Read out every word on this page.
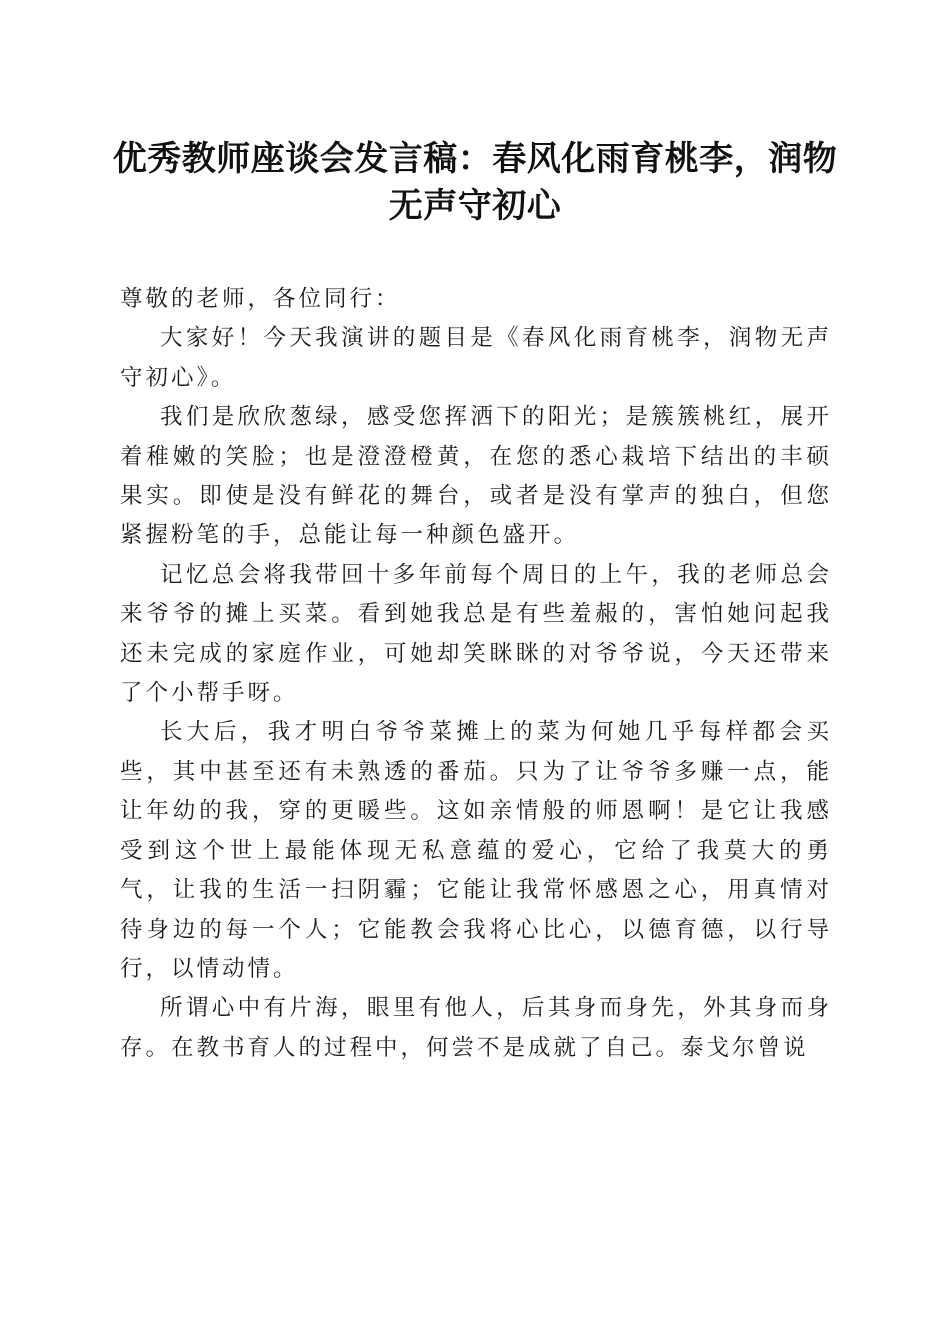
优秀教师座谈会发言稿：春风化雨育桃李，润物无声守初心

尊敬的老师，各位同行：

大家好！今天我演讲的题目是《春风化雨育桃李，润物无声守初心》。

我们是欣欣葱绿，感受您挥洒下的阳光；是簇簇桃红，展开着稚嫩的笑脸；也是澄澄橙黄，在您的悉心栽培下结出的丰硕果实。即使是没有鲜花的舞台，或者是没有掌声的独白，但您紧握粉笔的手，总能让每一种颜色盛开。

记忆总会将我带回十多年前每个周日的上午，我的老师总会来爷爷的摊上买菜。看到她我总是有些羞赧的，害怕她问起我还未完成的家庭作业，可她却笑眯眯的对爷爷说，今天还带来了个小帮手呀。

长大后，我才明白爷爷菜摊上的菜为何她几乎每样都会买些，其中甚至还有未熟透的番茄。只为了让爷爷多赚一点，能让年幼的我，穿的更暖些。这如亲情般的师恩啊！是它让我感受到这个世上最能体现无私意蕴的爱心，它给了我莫大的勇气，让我的生活一扫阴霾；它能让我常怀感恩之心，用真情对待身边的每一个人；它能教会我将心比心，以德育德，以行导行，以情动情。

所谓心中有片海，眼里有他人，后其身而身先，外其身而身存。在教书育人的过程中，何尝不是成就了自己。泰戈尔曾说
